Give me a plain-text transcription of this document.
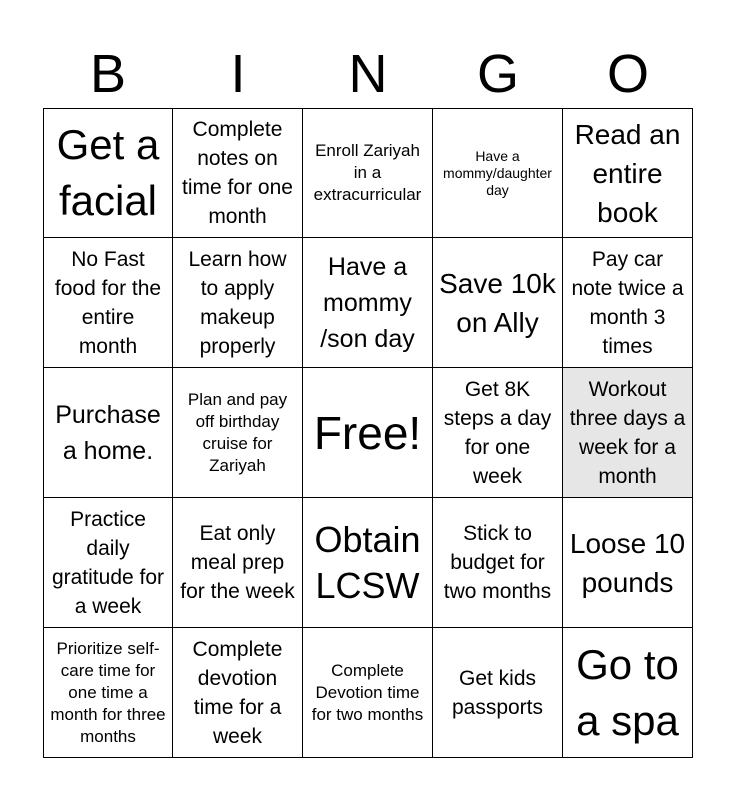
B	I	N	G	O
Get a facial
Complete notes on time for one month
Enroll Zariyah in a extracurricular
Have a mommy/daughter day
Read an entire book
No Fast food for the entire month
Learn how to apply makeup properly
Have a mommy /son day
Save 10k on Ally
Pay car note twice a month 3 times
Purchase a home.
Plan and pay off birthday cruise for Zariyah
Free!
Get 8K steps a day for one week
Workout three days a week for a month
Practice daily gratitude for a week
Eat only meal prep for the week
Obtain LCSW
Stick to budget for two months
Loose 10 pounds
Prioritize self-care time for one time a month for three months
Complete devotion time for a week
Complete Devotion time for two months
Get kids passports
Go to a spa
